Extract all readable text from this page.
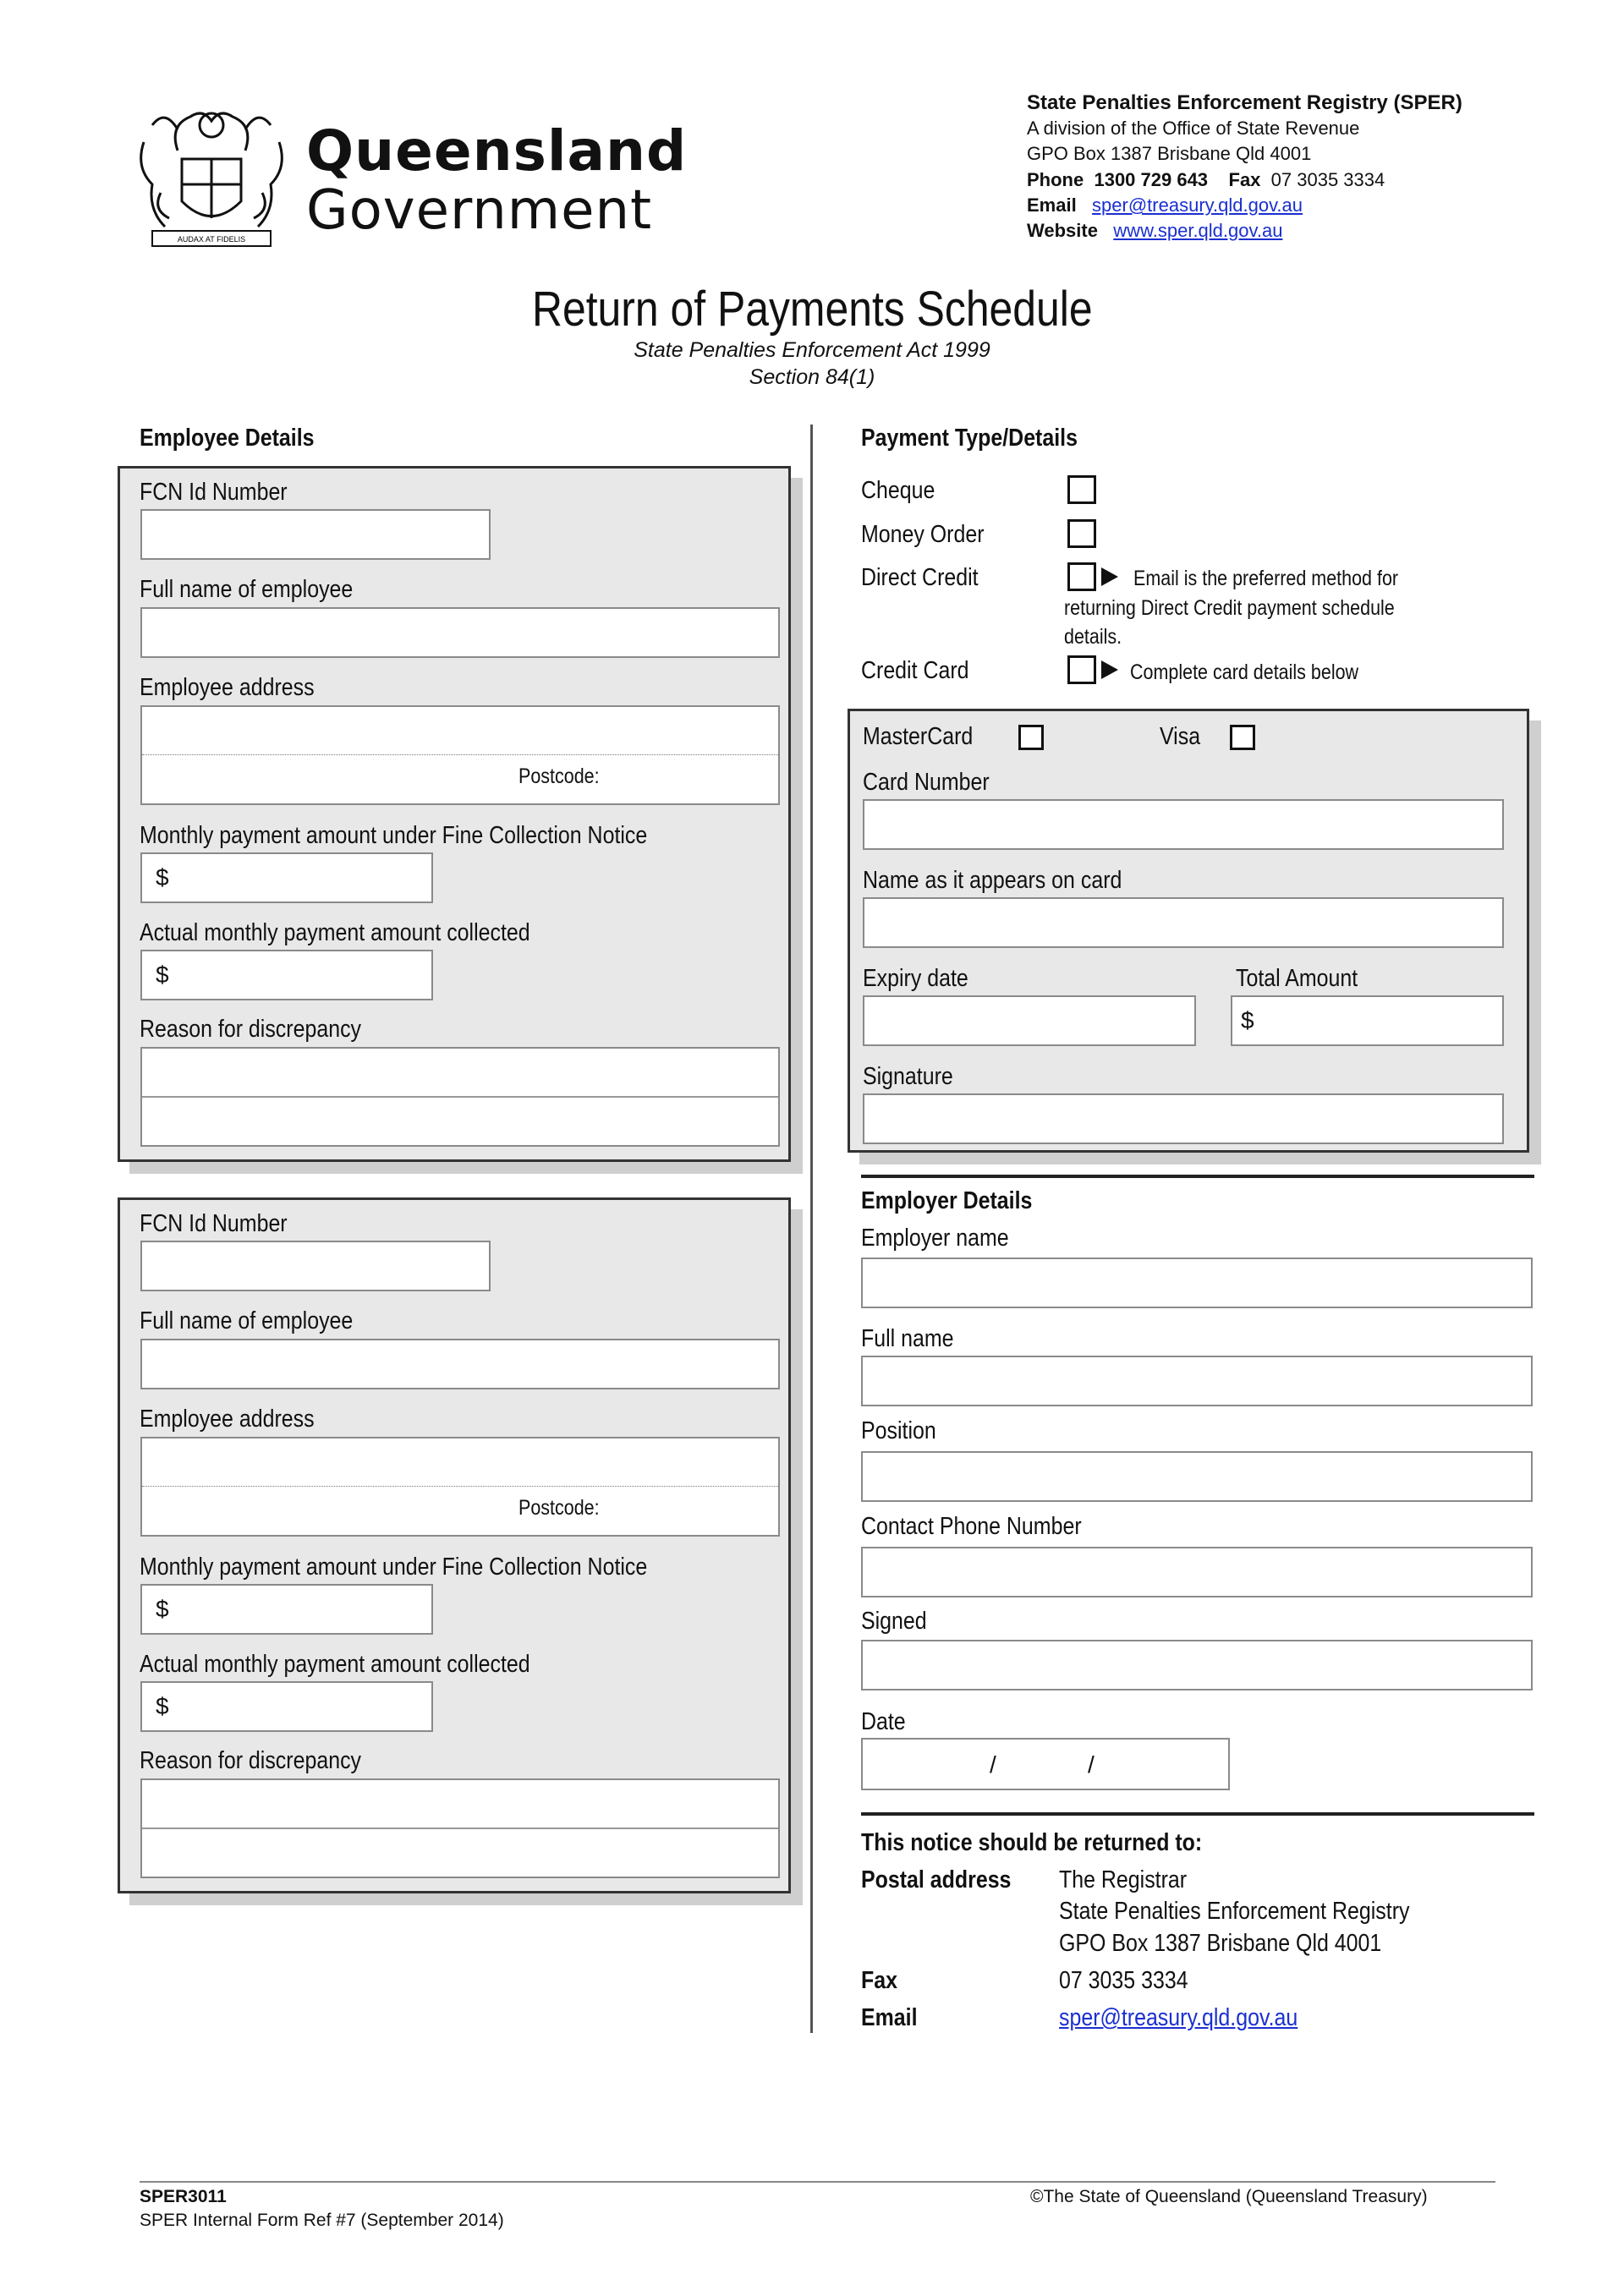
AUDAX AT FIDELIS
Queensland
Government
State Penalties Enforcement Registry (SPER)
A division of the Office of State Revenue
GPO Box 1387 Brisbane Qld 4001
Phone 1300 729 643 Fax 07 3035 3334
Email sper@treasury.qld.gov.au
Website www.sper.qld.gov.au
Return of Payments Schedule
State Penalties Enforcement Act 1999
Section 84(1)
Employee Details
FCN Id Number
Full name of employee
Employee address
Postcode:
Monthly payment amount under Fine Collection Notice
$
Actual monthly payment amount collected
$
Reason for discrepancy
FCN Id Number
Full name of employee
Employee address
Postcode:
Monthly payment amount under Fine Collection Notice
$
Actual monthly payment amount collected
$
Reason for discrepancy
Payment Type/Details
Cheque
Money Order
Direct Credit	Email is the preferred method for
returning Direct Credit payment schedule
details.
Credit Card	Complete card details below
MasterCard	Visa
Card Number
Name as it appears on card
Expiry date	Total Amount
$
Signature
Employer Details
Employer name
Full name
Position
Contact Phone Number
Signed
Date
/	/
This notice should be returned to:
Postal address The Registrar
State Penalties Enforcement Registry
GPO Box 1387 Brisbane Qld 4001
Fax	07 3035 3334
Email	sper@treasury.qld.gov.au
SPER3011
SPER Internal Form Ref #7 (September 2014)
©The State of Queensland (Queensland Treasury)
